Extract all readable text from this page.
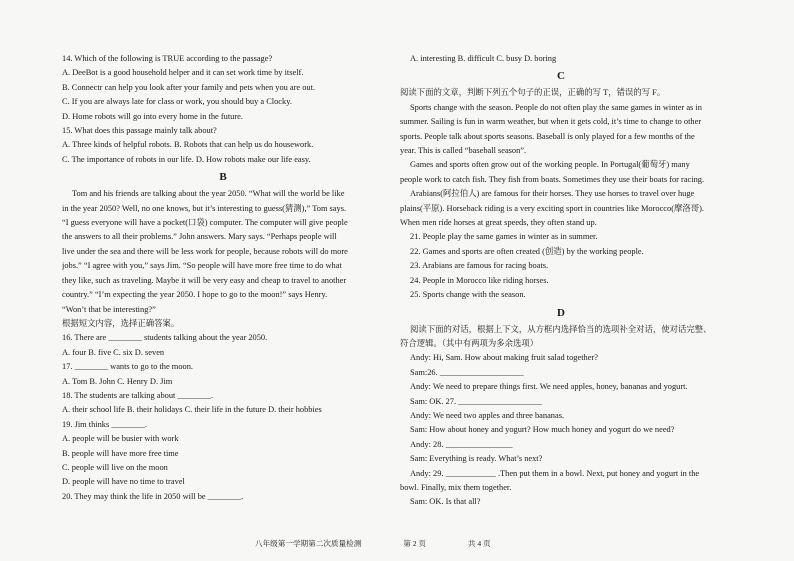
14. Which of the following is TRUE according to the passage?
A. DeeBot is a good household helper and it can set work time by itself.
B. Connectr can help you look after your family and pets when you are out.
C. If you are always late for class or work, you should buy a Clocky.
D. Home robots will go into every home in the future.
15. What does this passage mainly talk about?
A. Three kinds of helpful robots. B. Robots that can help us do housework.
C. The importance of robots in our life. D. How robots make our life easy.
B
Tom and his friends are talking about the year 2050. “What will the world be like
in the year 2050? Well, no one knows, but it’s interesting to guess(猜测),” Tom says.
“I guess everyone will have a pocket(口袋) computer. The computer will give people
the answers to all their problems.” John answers. Mary says. “Perhaps people will
live under the sea and there will be less work for people, because robots will do more
jobs.” “I agree with you,” says Jim. “So people will have more free time to do what
they like, such as traveling. Maybe it will be very easy and cheap to travel to another
country.” “I’m expecting the year 2050. I hope to go to the moon!” says Henry.
“Won’t that be interesting?”
根据短文内容，选择正确答案。
16. There are ________ students talking about the year 2050.
A. four B. five C. six D. seven
17. ________ wants to go to the moon.
A. Tom B. John C. Henry D. Jim
18. The students are talking about ________.
A. their school life B. their holidays C. their life in the future D. their hobbies
19. Jim thinks ________.
A. people will be busier with work
B. people will have more free time
C. people will live on the moon
D. people will have no time to travel
20. They may think the life in 2050 will be ________.
A. interesting B. difficult C. busy D. boring
C
阅读下面的文章，判断下列五个句子的正误，正确的写 T，错误的写 F。
Sports change with the season. People do not often play the same games in winter as in
summer. Sailing is fun in warm weather, but when it gets cold, it’s time to change to other
sports. People talk about sports seasons. Baseball is only played for a few months of the
year. This is called “baseball season”.
Games and sports often grow out of the working people. In Portugal(葡萄牙) many
people work to catch fish. They fish from boats. Sometimes they use their boats for racing.
Arabians(阿拉伯人) are famous for their horses. They use horses to travel over huge
plains(平原). Horseback riding is a very exciting sport in countries like Morocco(摩洛哥).
When men ride horses at great speeds, they often stand up.
21. People play the same games in winter as in summer.
22. Games and sports are often created (创造) by the working people.
23. Arabians are famous for racing boats.
24. People in Morocco like riding horses.
25. Sports change with the season.
D
阅读下面的对话，根据上下文，从方框内选择恰当的选项补全对话，使对话完整、
符合逻辑。（其中有两项为多余选项）
Andy: Hi, Sam. How about making fruit salad together?
Sam:26. ____________________
Andy: We need to prepare things first. We need apples, honey, bananas and yogurt.
Sam: OK. 27. ____________________
Andy: We need two apples and three bananas.
Sam: How about honey and yogurt? How much honey and yogurt do we need?
Andy: 28. ________________
Sam: Everything is ready. What’s next?
Andy: 29. ____________ .Then put them in a bowl. Next, put honey and yogurt in the
bowl. Finally, mix them together.
Sam: OK. Is that all?
八年级第一学期第二次质量检测	第 2 页	共 4 页
